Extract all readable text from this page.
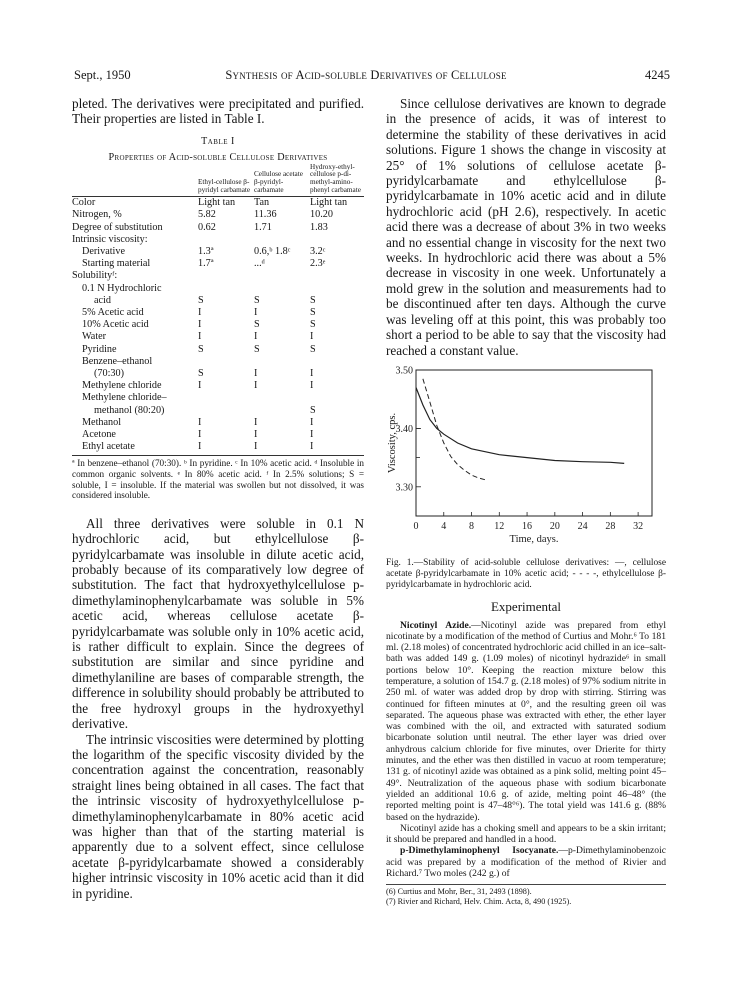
Sept., 1950	Synthesis of Acid-soluble Derivatives of Cellulose	4245

pleted. The derivatives were precipitated and purified. Their properties are listed in Table I.

Table I
Properties of Acid-soluble Cellulose Derivatives
	Ethyl-cellulose β-pyridyl carbamate	Cellulose acetate β-pyridyl-carbamate	Hydroxy-ethyl-cellulose p-di-methyl-amino-phenyl carbamate
Color	Light tan	Tan	Light tan
Nitrogen, %	5.82	11.36	10.20
Degree of substitution	0.62	1.71	1.83
Intrinsic viscosity:			
Derivative	1.3ª	0.6,ᵇ 1.8ᶜ	3.2ᶜ
Starting material	1.7ª	...ᵈ	2.3ᵉ
Solubilityᶠ:			
0.1 N Hydrochloric			
acid	S	S	S
5% Acetic acid	I	I	S
10% Acetic acid	I	S	S
Water	I	I	I
Pyridine	S	S	S
Benzene–ethanol			
(70:30)	S	I	I
Methylene chloride	I	I	I
Methylene chloride–			
methanol (80:20)			S
Methanol	I	I	I
Acetone	I	I	I
Ethyl acetate	I	I	I
ª In benzene–ethanol (70:30). ᵇ In pyridine. ᶜ In 10% acetic acid. ᵈ Insoluble in common organic solvents. ᵉ In 80% acetic acid. ᶠ In 2.5% solutions; S = soluble, I = insoluble. If the material was swollen but not dissolved, it was considered insoluble.

All three derivatives were soluble in 0.1 N hydrochloric acid, but ethylcellulose β-pyridylcarbamate was insoluble in dilute acetic acid, probably because of its comparatively low degree of substitution. The fact that hydroxyethylcellulose p-dimethylaminophenylcarbamate was soluble in 5% acetic acid, whereas cellulose acetate β-pyridylcarbamate was soluble only in 10% acetic acid, is rather difficult to explain. Since the degrees of substitution are similar and since pyridine and dimethylaniline are bases of comparable strength, the difference in solubility should probably be attributed to the free hydroxyl groups in the hydroxyethyl derivative.

The intrinsic viscosities were determined by plotting the logarithm of the specific viscosity divided by the concentration against the concentration, reasonably straight lines being obtained in all cases. The fact that the intrinsic viscosity of hydroxyethylcellulose p-dimethylaminophenylcarbamate in 80% acetic acid was higher than that of the starting material is apparently due to a solvent effect, since cellulose acetate β-pyridylcarbamate showed a considerably higher intrinsic viscosity in 10% acetic acid than it did in pyridine.

Since cellulose derivatives are known to degrade in the presence of acids, it was of interest to determine the stability of these derivatives in acid solutions. Figure 1 shows the change in viscosity at 25° of 1% solutions of cellulose acetate β-pyridylcarbamate and ethylcellulose β-pyridylcarbamate in 10% acetic acid and in dilute hydrochloric acid (pH 2.6), respectively. In acetic acid there was a decrease of about 3% in two weeks and no essential change in viscosity for the next two weeks. In hydrochloric acid there was about a 5% decrease in viscosity in one week. Unfortunately a mold grew in the solution and measurements had to be discontinued after ten days. Although the curve was leveling off at this point, this was probably too short a period to be able to say that the viscosity had reached a constant value.

0 4 8 12 16 20 24 28 32
3.30
3.40
3.50
Time, days.
Viscosity, cps.

Fig. 1.—Stability of acid-soluble cellulose derivatives: —, cellulose acetate β-pyridylcarbamate in 10% acetic acid; - - - -, ethylcellulose β-pyridylcarbamate in hydrochloric acid.

Experimental

Nicotinyl Azide.—Nicotinyl azide was prepared from ethyl nicotinate by a modification of the method of Curtius and Mohr.⁶ To 181 ml. (2.18 moles) of concentrated hydrochloric acid chilled in an ice–salt-bath was added 149 g. (1.09 moles) of nicotinyl hydrazide⁶ in small portions below 10°. Keeping the reaction mixture below this temperature, a solution of 154.7 g. (2.18 moles) of 97% sodium nitrite in 250 ml. of water was added drop by drop with stirring. Stirring was continued for fifteen minutes at 0°, and the resulting green oil was separated. The aqueous phase was extracted with ether, the ether layer was combined with the oil, and extracted with saturated sodium bicarbonate solution until neutral. The ether layer was dried over anhydrous calcium chloride for five minutes, over Drierite for thirty minutes, and the ether was then distilled in vacuo at room temperature; 131 g. of nicotinyl azide was obtained as a pink solid, melting point 45–49°. Neutralization of the aqueous phase with sodium bicarbonate yielded an additional 10.6 g. of azide, melting point 46–48° (the reported melting point is 47–48°⁶). The total yield was 141.6 g. (88% based on the hydrazide).

Nicotinyl azide has a choking smell and appears to be a skin irritant; it should be prepared and handled in a hood.

p-Dimethylaminophenyl Isocyanate.—p-Dimethylaminobenzoic acid was prepared by a modification of the method of Rivier and Richard.⁷ Two moles (242 g.) of

(6) Curtius and Mohr, Ber., 31, 2493 (1898).
(7) Rivier and Richard, Helv. Chim. Acta, 8, 490 (1925).
